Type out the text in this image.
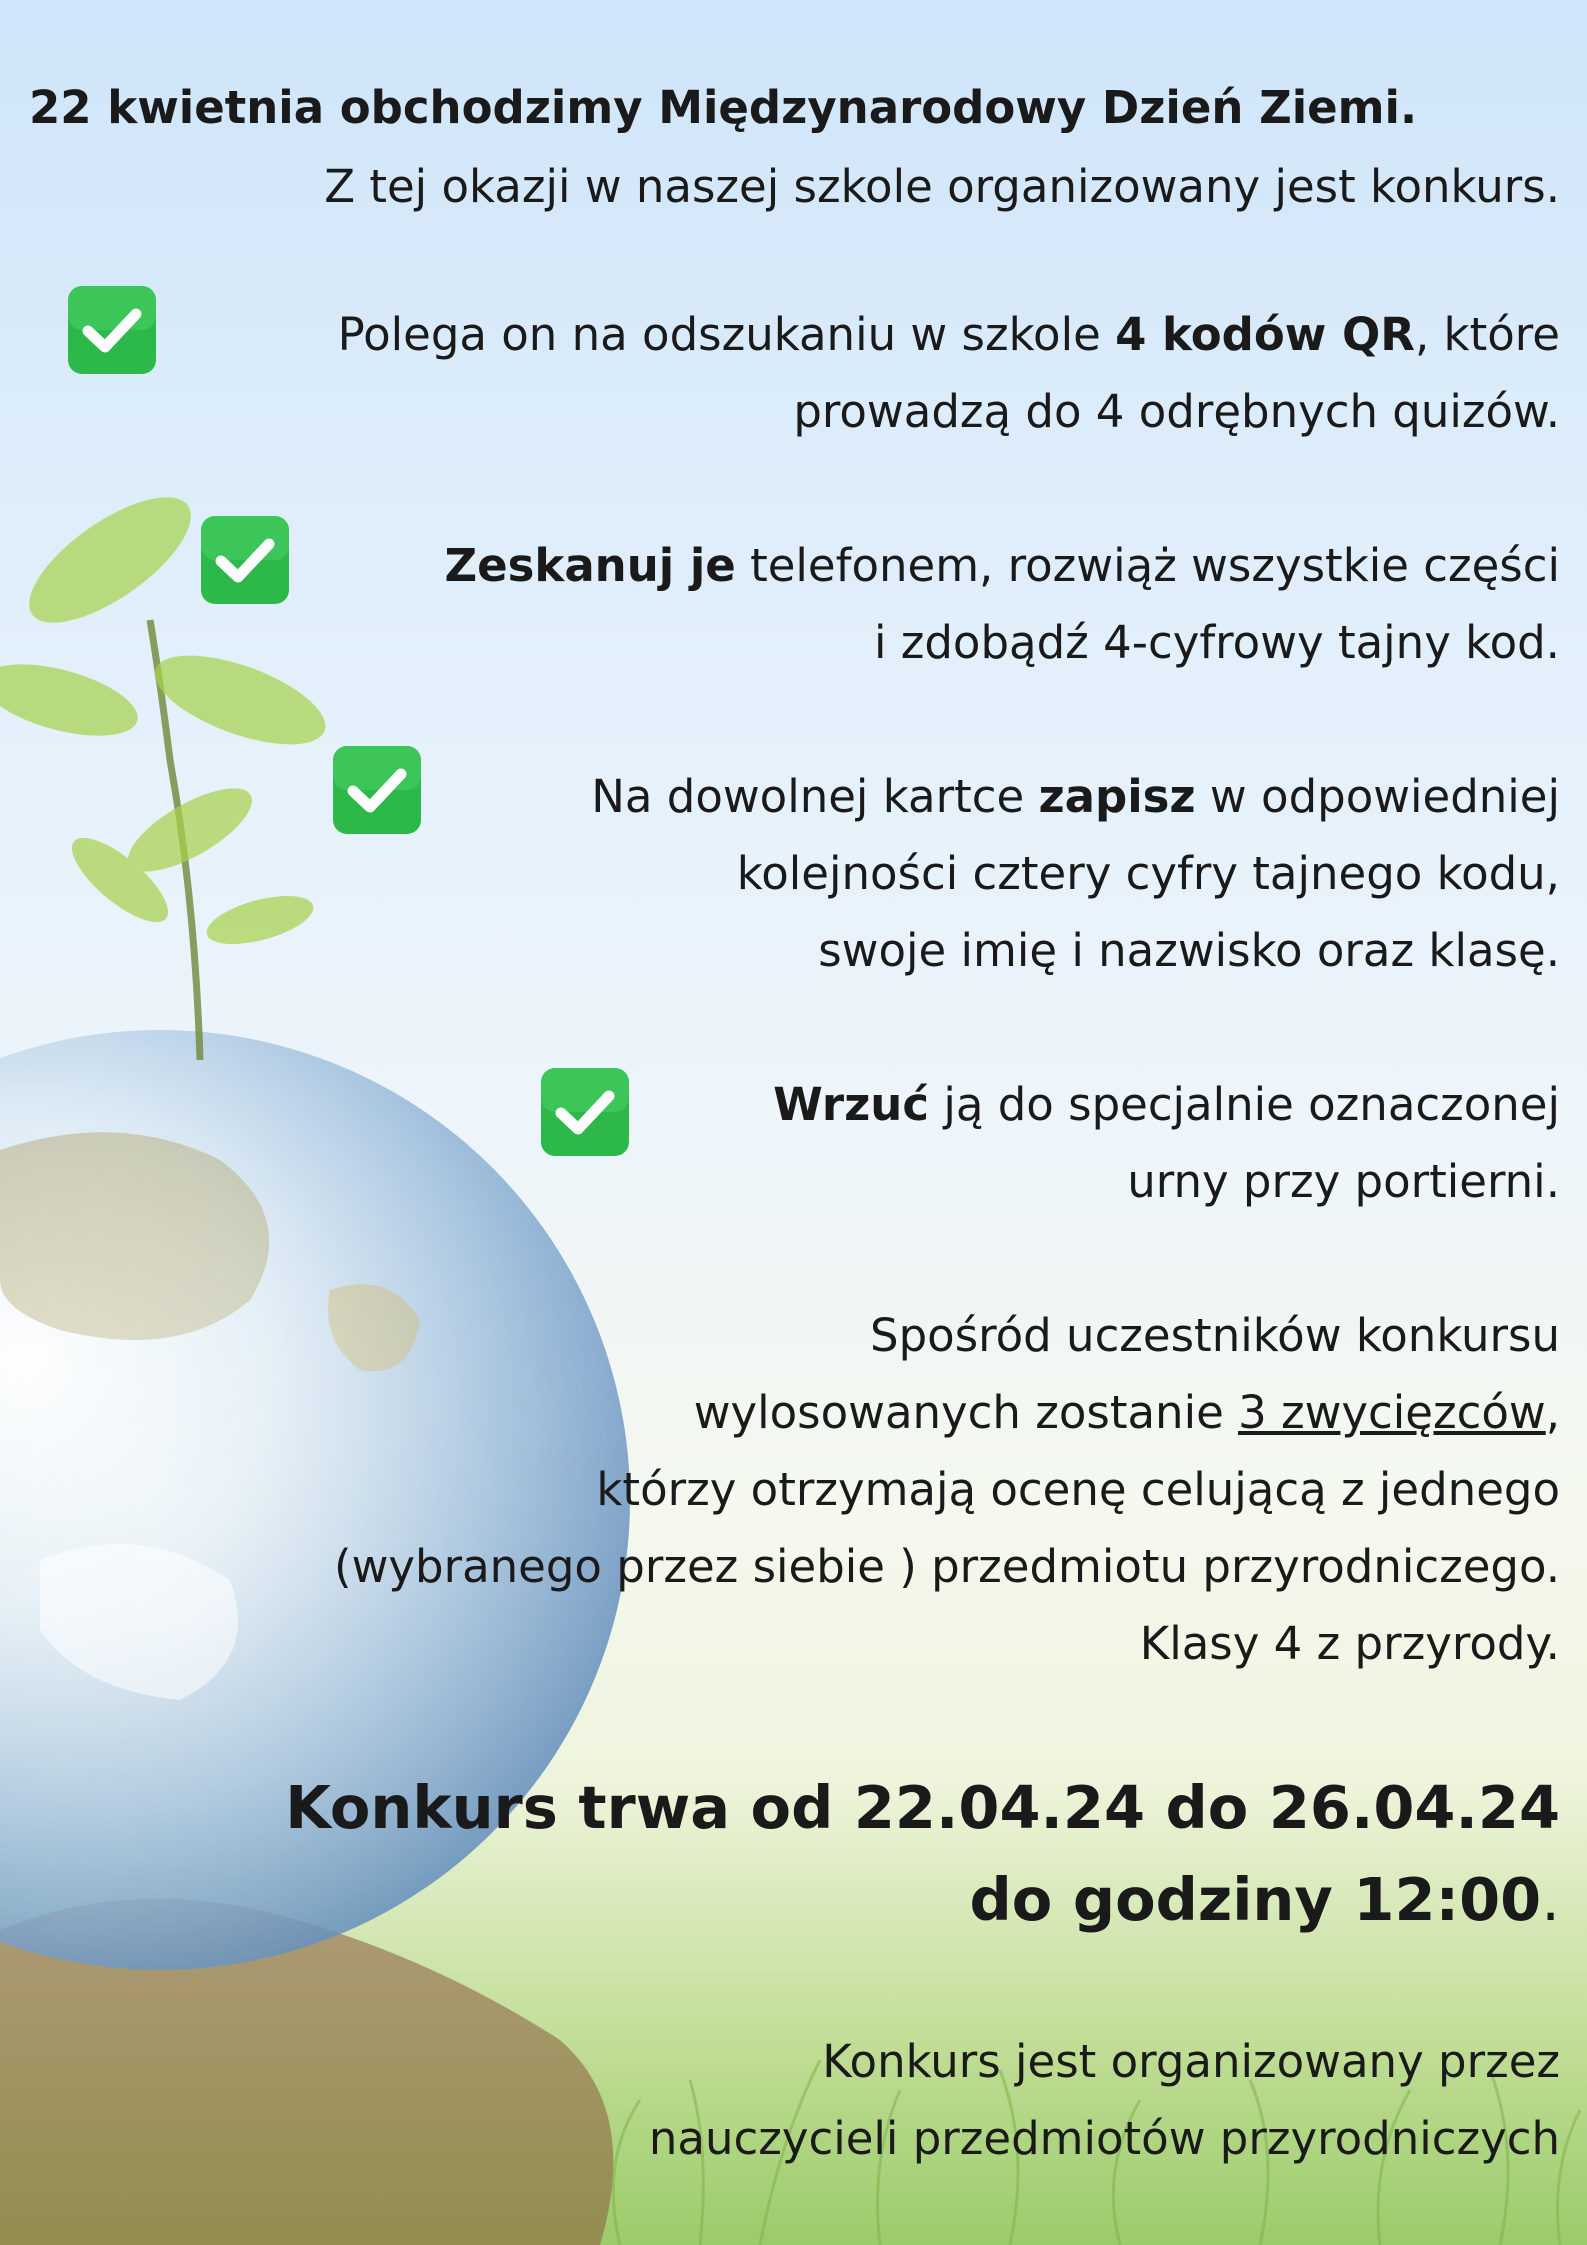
22 kwietnia obchodzimy Międzynarodowy Dzień Ziemi.
Z tej okazji w naszej szkole organizowany jest konkurs.
Polega on na odszukaniu w szkole 4 kodów QR, które
prowadzą do 4 odrębnych quizów.
Zeskanuj je telefonem, rozwiąż wszystkie części
i zdobądź 4-cyfrowy tajny kod.
Na dowolnej kartce zapisz w odpowiedniej
kolejności cztery cyfry tajnego kodu,
swoje imię i nazwisko oraz klasę.
Wrzuć ją do specjalnie oznaczonej
urny przy portierni.
Spośród uczestników konkursu
wylosowanych zostanie 3 zwycięzców,
którzy otrzymają ocenę celującą z jednego
(wybranego przez siebie ) przedmiotu przyrodniczego.
Klasy 4 z przyrody.
Konkurs trwa od 22.04.24 do 26.04.24
do godziny 12:00.
Konkurs jest organizowany przez
nauczycieli przedmiotów przyrodniczych
